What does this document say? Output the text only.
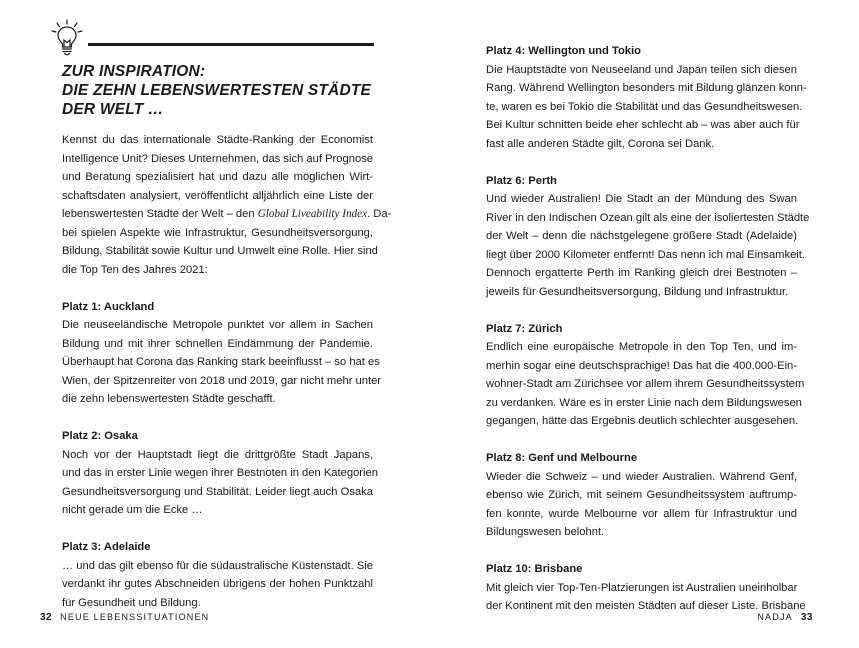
ZUR INSPIRATION:
DIE ZEHN LEBENSWERTESTEN STÄDTE
DER WELT …

Kennst du das internationale Städte-Ranking der Economist
Intelligence Unit? Dieses Unternehmen, das sich auf Prognose
und Beratung spezialisiert hat und dazu alle möglichen Wirt-
schaftsdaten analysiert, veröffentlicht alljährlich eine Liste der
lebenswertesten Städte der Welt – den Global Liveability Index. Da-
bei spielen Aspekte wie Infrastruktur, Gesundheitsversorgung,
Bildung, Stabilität sowie Kultur und Umwelt eine Rolle. Hier sind
die Top Ten des Jahres 2021:

Platz 1: Auckland
Die neuseeländische Metropole punktet vor allem in Sachen
Bildung und mit ihrer schnellen Eindämmung der Pandemie.
Überhaupt hat Corona das Ranking stark beeinflusst – so hat es
Wien, der Spitzenreiter von 2018 und 2019, gar nicht mehr unter
die zehn lebenswertesten Städte geschafft.

Platz 2: Osaka
Noch vor der Hauptstadt liegt die drittgrößte Stadt Japans,
und das in erster Linie wegen ihrer Bestnoten in den Kategorien
Gesundheitsversorgung und Stabilität. Leider liegt auch Osaka
nicht gerade um die Ecke …

Platz 3: Adelaide
… und das gilt ebenso für die südaustralische Küstenstadt. Sie
verdankt ihr gutes Abschneiden übrigens der hohen Punktzahl
für Gesundheit und Bildung.

32 NEUE LEBENSSITUATIONEN

Platz 4: Wellington und Tokio
Die Hauptstädte von Neuseeland und Japan teilen sich diesen
Rang. Während Wellington besonders mit Bildung glänzen konn-
te, waren es bei Tokio die Stabilität und das Gesundheitswesen.
Bei Kultur schnitten beide eher schlecht ab – was aber auch für
fast alle anderen Städte gilt, Corona sei Dank.

Platz 6: Perth
Und wieder Australien! Die Stadt an der Mündung des Swan
River in den Indischen Ozean gilt als eine der isoliertesten Städte
der Welt – denn die nächstgelegene größere Stadt (Adelaide)
liegt über 2000 Kilometer entfernt! Das nenn ich mal Einsamkeit.
Dennoch ergatterte Perth im Ranking gleich drei Bestnoten –
jeweils für Gesundheitsversorgung, Bildung und Infrastruktur.

Platz 7: Zürich
Endlich eine europäische Metropole in den Top Ten, und im-
merhin sogar eine deutschsprachige! Das hat die 400.000-Ein-
wohner-Stadt am Zürichsee vor allem ihrem Gesundheitssystem
zu verdanken. Wäre es in erster Linie nach dem Bildungswesen
gegangen, hätte das Ergebnis deutlich schlechter ausgesehen.

Platz 8: Genf und Melbourne
Wieder die Schweiz – und wieder Australien. Während Genf,
ebenso wie Zürich, mit seinem Gesundheitssystem auftrump-
fen konnte, wurde Melbourne vor allem für Infrastruktur und
Bildungswesen belohnt.

Platz 10: Brisbane
Mit gleich vier Top-Ten-Platzierungen ist Australien uneinholbar
der Kontinent mit den meisten Städten auf dieser Liste. Brisbane

NADJA 33
